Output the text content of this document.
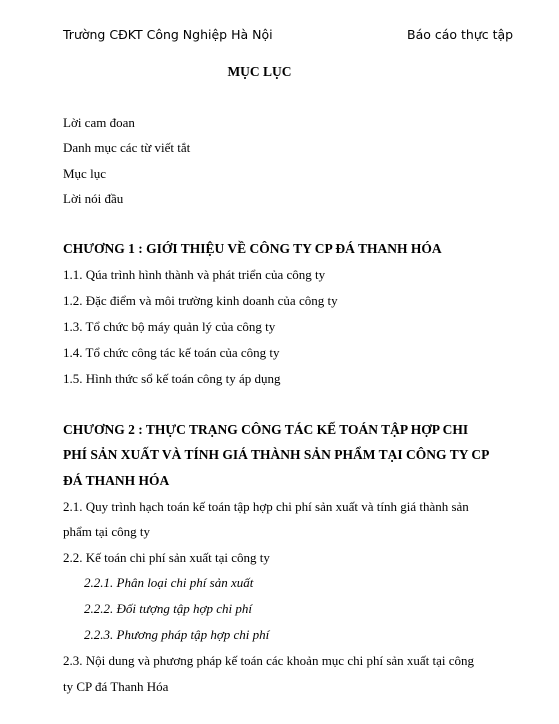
Trường CĐKT Công Nghiệp Hà Nội	Báo cáo thực tập
MỤC LỤC
Lời cam đoan
Danh mục các từ viết tắt
Mục lục
Lời nói đầu
CHƯƠNG 1 : GIỚI THIỆU VỀ CÔNG TY CP ĐÁ THANH HÓA
1.1. Qúa trình hình thành và phát triển của công ty
1.2. Đặc điểm và môi trường kinh doanh của công ty
1.3. Tổ chức bộ máy quản lý của công ty
1.4. Tổ chức công tác kế toán của công ty
1.5. Hình thức sổ kế toán công ty áp dụng
CHƯƠNG 2 : THỰC TRẠNG CÔNG TÁC KẾ TOÁN TẬP HỢP CHI
PHÍ SẢN XUẤT VÀ TÍNH GIÁ THÀNH SẢN PHẨM TẠI CÔNG TY CP
ĐÁ THANH HÓA
2.1. Quy trình hạch toán kế toán tập hợp chi phí sản xuất và tính giá thành sản
phẩm tại công ty
2.2. Kế toán chi phí sản xuất tại công ty
2.2.1. Phân loại chi phí sản xuất
2.2.2. Đối tượng tập hợp chi phí
2.2.3. Phương pháp tập hợp chi phí
2.3. Nội dung và phương pháp kế toán các khoản mục chi phí sản xuất tại công
ty CP đá Thanh Hóa
